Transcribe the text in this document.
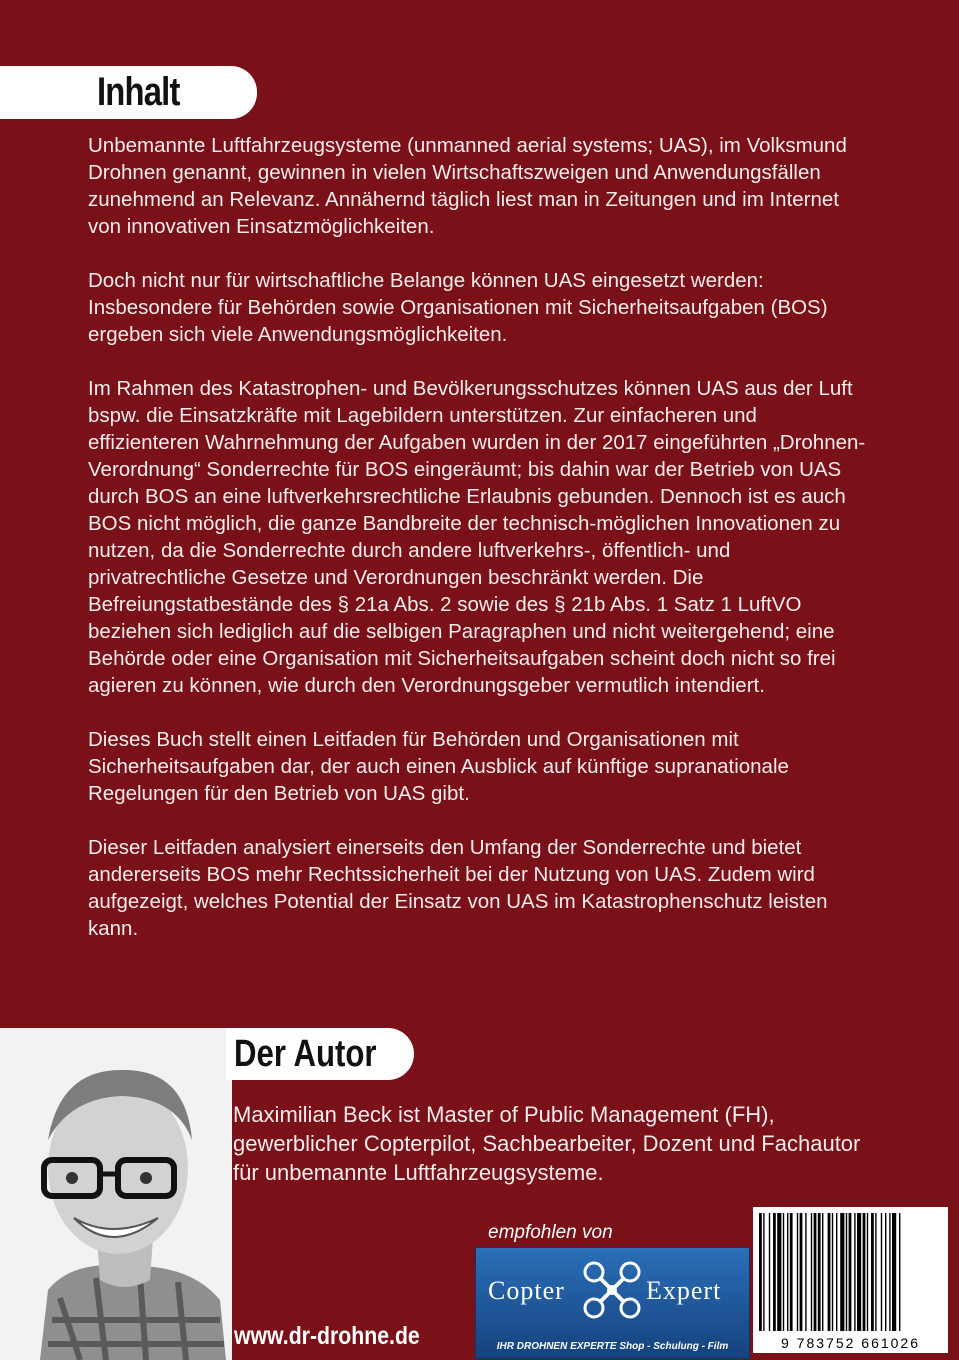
Inhalt

Unbemannte Luftfahrzeugsysteme (unmanned aerial systems; UAS), im Volksmund Drohnen genannt, gewinnen in vielen Wirtschaftszweigen und Anwendungsfällen zunehmend an Relevanz. Annähernd täglich liest man in Zeitungen und im Internet von innovativen Einsatzmöglichkeiten.

Doch nicht nur für wirtschaftliche Belange können UAS eingesetzt werden: Insbesondere für Behörden sowie Organisationen mit Sicherheitsaufgaben (BOS) ergeben sich viele Anwendungsmöglichkeiten.

Im Rahmen des Katastrophen- und Bevölkerungsschutzes können UAS aus der Luft bspw. die Einsatzkräfte mit Lagebildern unterstützen. Zur einfacheren und effizienteren Wahrnehmung der Aufgaben wurden in der 2017 eingeführten „Drohnen-Verordnung“ Sonderrechte für BOS eingeräumt; bis dahin war der Betrieb von UAS durch BOS an eine luftverkehrsrechtliche Erlaubnis gebunden. Dennoch ist es auch BOS nicht möglich, die ganze Bandbreite der technisch-möglichen Innovationen zu nutzen, da die Sonderrechte durch andere luftverkehrs-, öffentlich- und privatrechtliche Gesetze und Verordnungen beschränkt werden. Die Befreiungstatbestände des § 21a Abs. 2 sowie des § 21b Abs. 1 Satz 1 LuftVO beziehen sich lediglich auf die selbigen Paragraphen und nicht weitergehend; eine Behörde oder eine Organisation mit Sicherheitsaufgaben scheint doch nicht so frei agieren zu können, wie durch den Verordnungsgeber vermutlich intendiert.

Dieses Buch stellt einen Leitfaden für Behörden und Organisationen mit Sicherheitsaufgaben dar, der auch einen Ausblick auf künftige supranationale Regelungen für den Betrieb von UAS gibt.

Dieser Leitfaden analysiert einerseits den Umfang der Sonderrechte und bietet andererseits BOS mehr Rechtssicherheit bei der Nutzung von UAS. Zudem wird aufgezeigt, welches Potential der Einsatz von UAS im Katastrophenschutz leisten kann.

Der Autor
Maximilian Beck ist Master of Public Management (FH), gewerblicher Copterpilot, Sachbearbeiter, Dozent und Fachautor für unbemannte Luftfahrzeugsysteme.
www.dr-drohne.de
empfohlen von
Copter	Expert
IHR DROHNEN EXPERTE Shop - Schulung - Film	9 783752 661026
